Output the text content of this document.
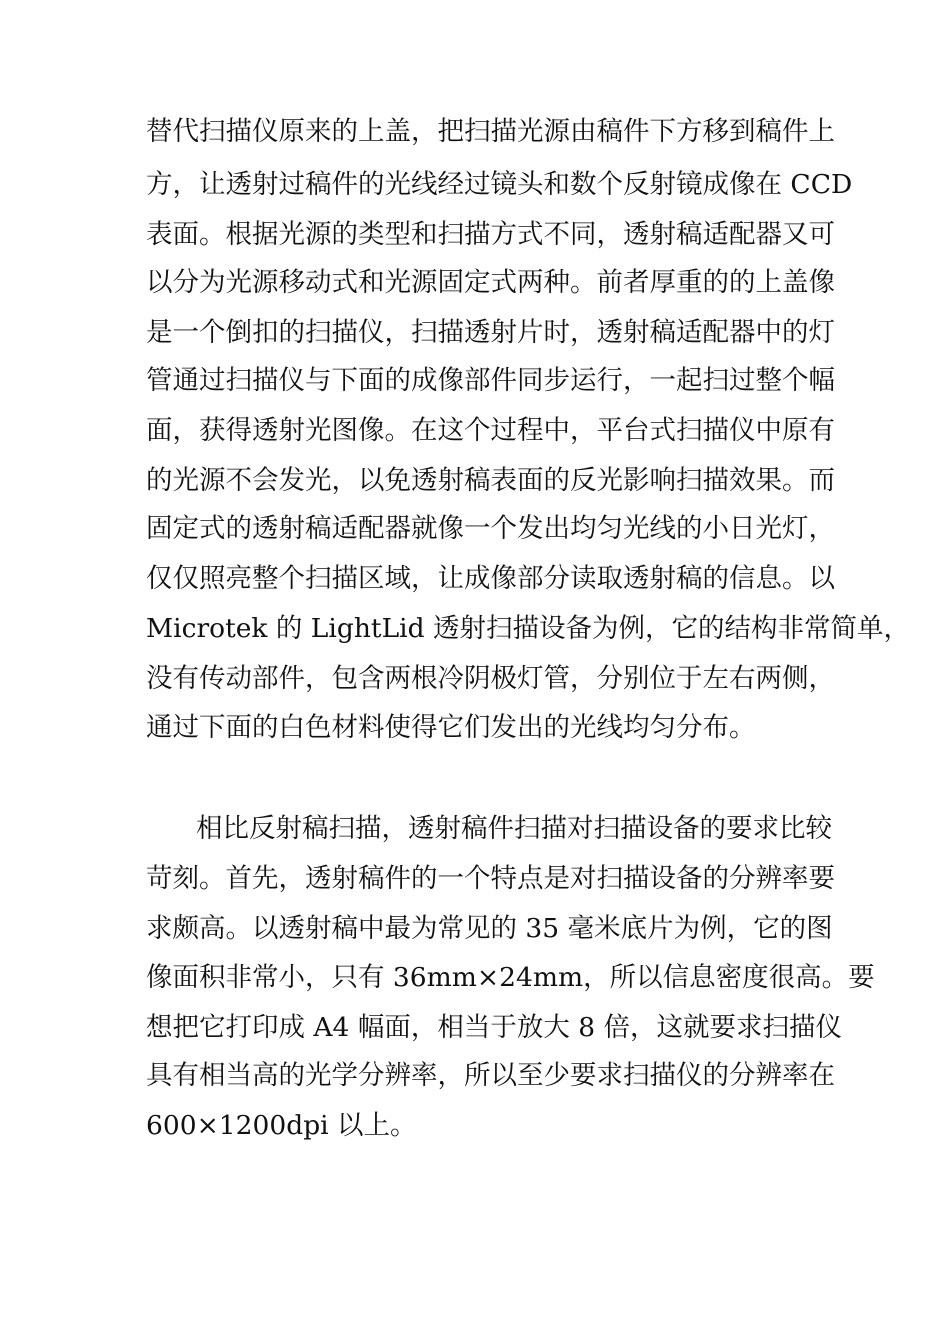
替代扫描仪原来的上盖，把扫描光源由稿件下方移到稿件上
方，让透射过稿件的光线经过镜头和数个反射镜成像在 CCD
表面。根据光源的类型和扫描方式不同，透射稿适配器又可
以分为光源移动式和光源固定式两种。前者厚重的的上盖像
是一个倒扣的扫描仪，扫描透射片时，透射稿适配器中的灯
管通过扫描仪与下面的成像部件同步运行，一起扫过整个幅
面，获得透射光图像。在这个过程中，平台式扫描仪中原有
的光源不会发光，以免透射稿表面的反光影响扫描效果。而
固定式的透射稿适配器就像一个发出均匀光线的小日光灯，
仅仅照亮整个扫描区域，让成像部分读取透射稿的信息。以
Microtek 的 LightLid 透射扫描设备为例，它的结构非常简单，
没有传动部件，包含两根冷阴极灯管，分别位于左右两侧，
通过下面的白色材料使得它们发出的光线均匀分布。
相比反射稿扫描，透射稿件扫描对扫描设备的要求比较
苛刻。首先，透射稿件的一个特点是对扫描设备的分辨率要
求颇高。以透射稿中最为常见的 35 毫米底片为例，它的图
像面积非常小，只有 36mm×24mm，所以信息密度很高。要
想把它打印成 A4 幅面，相当于放大 8 倍，这就要求扫描仪
具有相当高的光学分辨率，所以至少要求扫描仪的分辨率在
600×1200dpi 以上。
